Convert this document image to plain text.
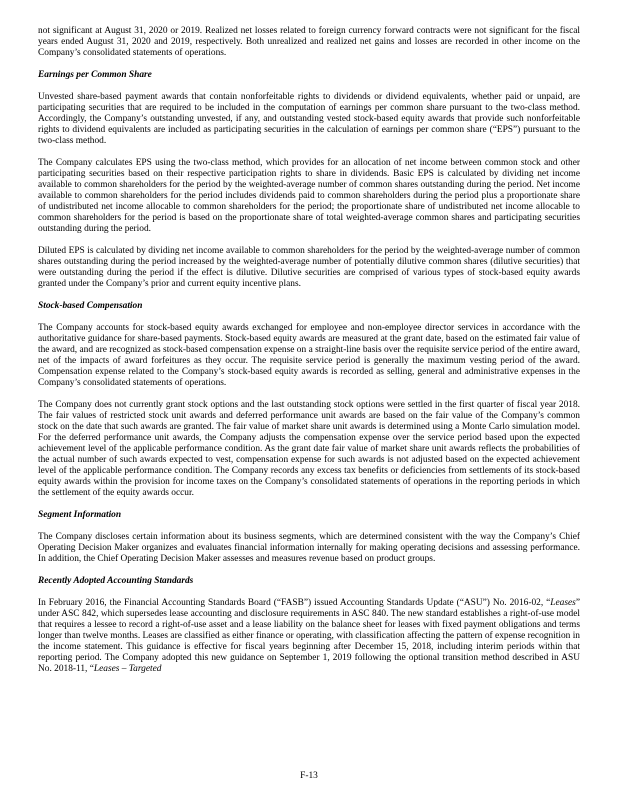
not significant at August 31, 2020 or 2019. Realized net losses related to foreign currency forward contracts were not significant for the fiscal years ended August 31, 2020 and 2019, respectively. Both unrealized and realized net gains and losses are recorded in other income on the Company’s consolidated statements of operations.

Earnings per Common Share

Unvested share-based payment awards that contain nonforfeitable rights to dividends or dividend equivalents, whether paid or unpaid, are participating securities that are required to be included in the computation of earnings per common share pursuant to the two-class method. Accordingly, the Company’s outstanding unvested, if any, and outstanding vested stock-based equity awards that provide such nonforfeitable rights to dividend equivalents are included as participating securities in the calculation of earnings per common share (“EPS”) pursuant to the two-class method.

The Company calculates EPS using the two-class method, which provides for an allocation of net income between common stock and other participating securities based on their respective participation rights to share in dividends. Basic EPS is calculated by dividing net income available to common shareholders for the period by the weighted-average number of common shares outstanding during the period. Net income available to common shareholders for the period includes dividends paid to common shareholders during the period plus a proportionate share of undistributed net income allocable to common shareholders for the period; the proportionate share of undistributed net income allocable to common shareholders for the period is based on the proportionate share of total weighted-average common shares and participating securities outstanding during the period.

Diluted EPS is calculated by dividing net income available to common shareholders for the period by the weighted-average number of common shares outstanding during the period increased by the weighted-average number of potentially dilutive common shares (dilutive securities) that were outstanding during the period if the effect is dilutive. Dilutive securities are comprised of various types of stock-based equity awards granted under the Company’s prior and current equity incentive plans.

Stock-based Compensation

The Company accounts for stock-based equity awards exchanged for employee and non-employee director services in accordance with the authoritative guidance for share-based payments. Stock-based equity awards are measured at the grant date, based on the estimated fair value of the award, and are recognized as stock-based compensation expense on a straight-line basis over the requisite service period of the entire award, net of the impacts of award forfeitures as they occur. The requisite service period is generally the maximum vesting period of the award. Compensation expense related to the Company’s stock-based equity awards is recorded as selling, general and administrative expenses in the Company’s consolidated statements of operations.

The Company does not currently grant stock options and the last outstanding stock options were settled in the first quarter of fiscal year 2018. The fair values of restricted stock unit awards and deferred performance unit awards are based on the fair value of the Company’s common stock on the date that such awards are granted. The fair value of market share unit awards is determined using a Monte Carlo simulation model. For the deferred performance unit awards, the Company adjusts the compensation expense over the service period based upon the expected achievement level of the applicable performance condition. As the grant date fair value of market share unit awards reflects the probabilities of the actual number of such awards expected to vest, compensation expense for such awards is not adjusted based on the expected achievement level of the applicable performance condition. The Company records any excess tax benefits or deficiencies from settlements of its stock-based equity awards within the provision for income taxes on the Company’s consolidated statements of operations in the reporting periods in which the settlement of the equity awards occur.

Segment Information

The Company discloses certain information about its business segments, which are determined consistent with the way the Company’s Chief Operating Decision Maker organizes and evaluates financial information internally for making operating decisions and assessing performance. In addition, the Chief Operating Decision Maker assesses and measures revenue based on product groups.

Recently Adopted Accounting Standards

In February 2016, the Financial Accounting Standards Board (“FASB”) issued Accounting Standards Update (“ASU”) No. 2016-02, “Leases” under ASC 842, which supersedes lease accounting and disclosure requirements in ASC 840. The new standard establishes a right-of-use model that requires a lessee to record a right-of-use asset and a lease liability on the balance sheet for leases with fixed payment obligations and terms longer than twelve months. Leases are classified as either finance or operating, with classification affecting the pattern of expense recognition in the income statement. This guidance is effective for fiscal years beginning after December 15, 2018, including interim periods within that reporting period. The Company adopted this new guidance on September 1, 2019 following the optional transition method described in ASU No. 2018-11, “Leases – Targeted

F-13
